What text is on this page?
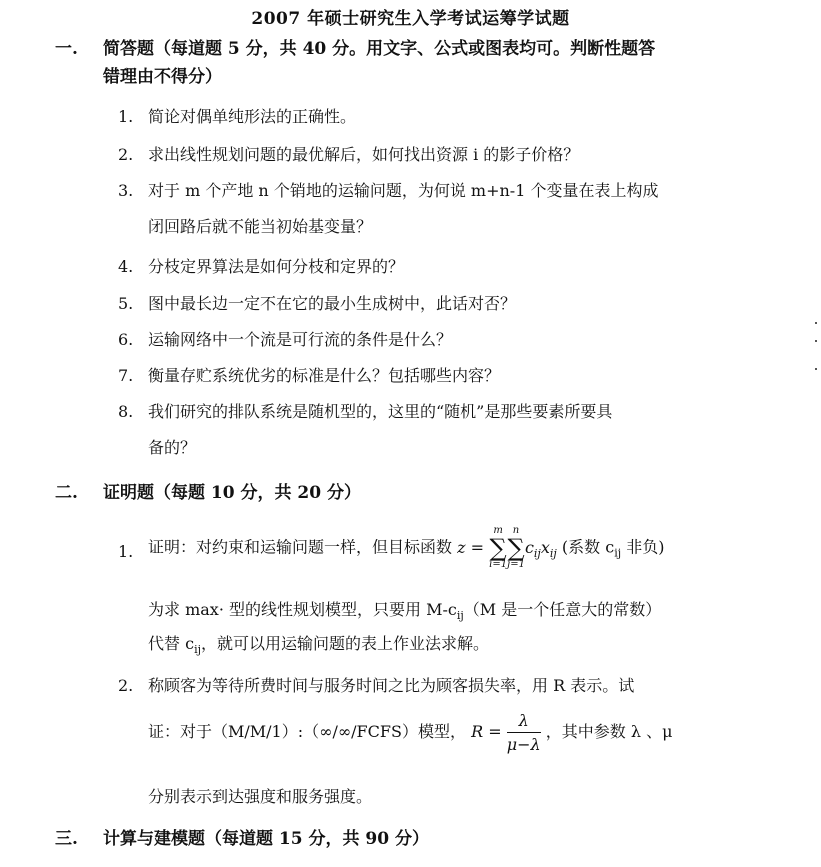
2007 年硕士研究生入学考试运筹学试题
一. 简答题（每道题 5 分，共 40 分。用文字、公式或图表均可。判断性题答
错理由不得分）
1. 简论对偶单纯形法的正确性。
2. 求出线性规划问题的最优解后，如何找出资源 i 的影子价格？
3. 对于 m 个产地 n 个销地的运输问题，为何说 m+n-1 个变量在表上构成
闭回路后就不能当初始基变量？
4. 分枝定界算法是如何分枝和定界的？
5. 图中最长边一定不在它的最小生成树中，此话对否？
6. 运输网络中一个流是可行流的条件是什么？
7. 衡量存贮系统优劣的标准是什么？包括哪些内容？
8. 我们研究的排队系统是随机型的，这里的“随机”是那些要素所要具
备的？
二. 证明题（每题 10 分，共 20 分）
1. 证明：对约束和运输问题一样，但目标函数 z =
m
∑
i=1
n
∑
j=1
$c_{ij}x_{ij}$ (系数 $c_{ij}$ 非负)
为求 max· 型的线性规划模型，只要用 $M-c_{ij}(M$ 是一个任意大的常数）
代替 $c_{ij}$，就可以用运输问题的表上作业法求解。
2. 称顾客为等待所费时间与服务时间之比为顾客损失率，用 R 表示。试
证：对于（M/M/1）:（∞/∞/FCFS）模型， $R = \frac{\lambda}{\mu-\lambda}$ ，其中参数 λ 、μ
分别表示到达强度和服务强度。
三. 计算与建模题（每道题 15 分，共 90 分）
